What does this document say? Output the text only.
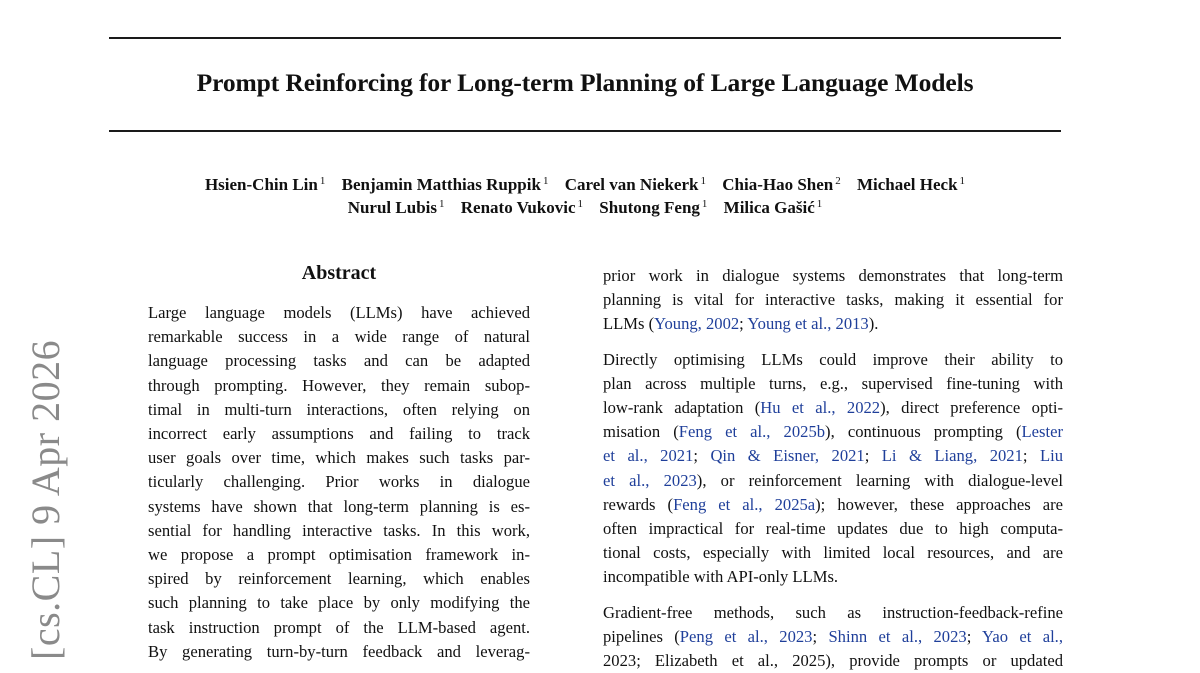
Prompt Reinforcing for Long-term Planning of Large Language Models
Hsien-Chin Lin $^1$ Benjamin Matthias Ruppik $^1$ Carel van Niekerk $^1$ Chia-Hao Shen $^2$ Michael Heck $^1$
Nurul Lubis $^1$ Renato Vukovic $^1$ Shutong Feng $^1$ Milica Gašić $^1$
[cs.CL] 9 Apr 2026
Abstract
Large language models (LLMs) have achieved
remarkable success in a wide range of natural
language processing tasks and can be adapted
through prompting. However, they remain subop-
timal in multi-turn interactions, often relying on
incorrect early assumptions and failing to track
user goals over time, which makes such tasks par-
ticularly challenging. Prior works in dialogue
systems have shown that long-term planning is es-
sential for handling interactive tasks. In this work,
we propose a prompt optimisation framework in-
spired by reinforcement learning, which enables
such planning to take place by only modifying the
task instruction prompt of the LLM-based agent.
By generating turn-by-turn feedback and leverag-
prior work in dialogue systems demonstrates that long-term
planning is vital for interactive tasks, making it essential for
LLMs (Young, 2002; Young et al., 2013).
Directly optimising LLMs could improve their ability to
plan across multiple turns, e.g., supervised fine-tuning with
low-rank adaptation (Hu et al., 2022), direct preference opti-
misation (Feng et al., 2025b), continuous prompting (Lester
et al., 2021; Qin & Eisner, 2021; Li & Liang, 2021; Liu
et al., 2023), or reinforcement learning with dialogue-level
rewards (Feng et al., 2025a); however, these approaches are
often impractical for real-time updates due to high computa-
tional costs, especially with limited local resources, and are
incompatible with API-only LLMs.
Gradient-free methods, such as instruction-feedback-refine
pipelines (Peng et al., 2023; Shinn et al., 2023; Yao et al.,
2023; Elizabeth et al., 2025), provide prompts or updated
